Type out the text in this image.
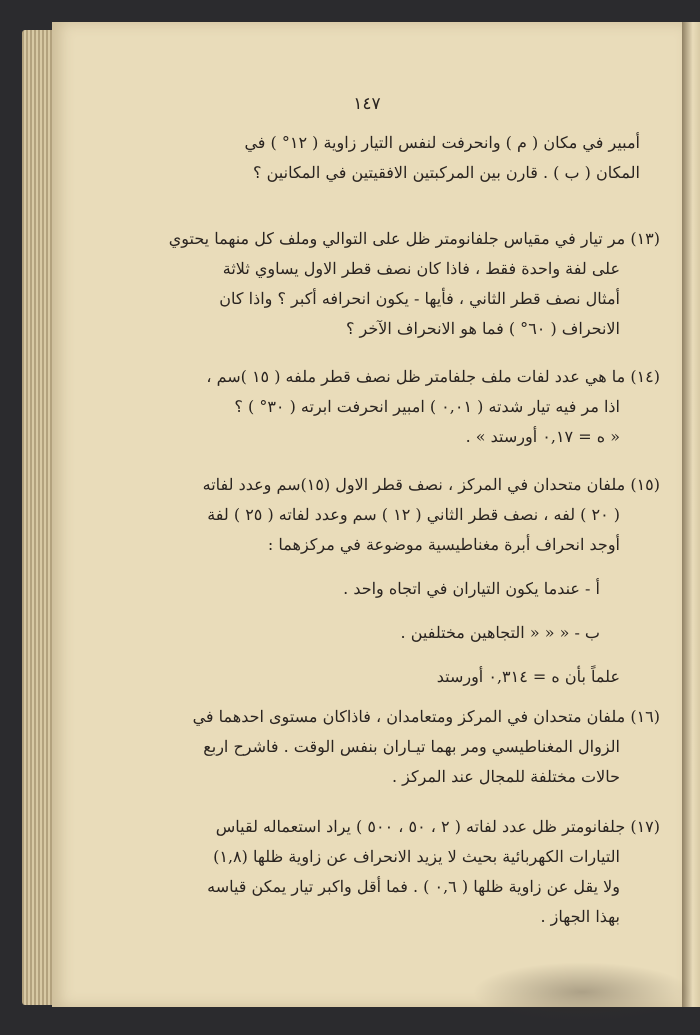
١٤٧
أمبير في مكان ( م ) وانحرفت لنفس التيار زاوية ( ١٢° ) في
المكان ( ب ) . قارن بين المركبتين الافقيتين في المكانين ؟
(١٣) مر تيار في مقياس جلفانومتر ظل على التوالي وملف كل منهما يحتوي
على لفة واحدة فقط ، فاذا كان نصف قطر الاول يساوي ثلاثة
أمثال نصف قطر الثاني ، فأيها - يكون انحرافه أكبر ؟ واذا كان
الانحراف ( ٦٠° ) فما هو الانحراف الآخر ؟
(١٤) ما هي عدد لفات ملف جلفامتر ظل نصف قطر ملفه ( ١٥ )سم ،
اذا مر فيه تيار شدته ( ٠,٠١ ) امبير انحرفت ابرته ( ٣٠° ) ؟
« ه = ٠,١٧ أورستد » .
(١٥) ملفان متحدان في المركز ، نصف قطر الاول (١٥)سم وعدد لفاته
( ٢٠ ) لفه ، نصف قطر الثاني ( ١٢ ) سم وعدد لفاته ( ٢٥ ) لفة
أوجد انحراف أبرة مغناطيسية موضوعة في مركزهما :
أ - عندما يكون التياران في اتجاه واحد .
ب - « « « التجاهين مختلفين .
علماً بأن ه = ٠,٣١٤ أورستد
(١٦) ملفان متحدان في المركز ومتعامدان ، فاذاكان مستوى احدهما في
الزوال المغناطيسي ومر بهما تيـاران بنفس الوقت . فاشرح اربع
حالات مختلفة للمجال عند المركز .
(١٧) جلفانومتر ظل عدد لفاته ( ٢ ، ٥٠ ، ٥٠٠ ) يراد استعماله لقياس
التيارات الكهربائية بحيث لا يزيد الانحراف عن زاوية ظلها (١,٨)
ولا يقل عن زاوية ظلها ( ٠,٦ ) . فما أقل واكبر تيار يمكن قياسه
بهذا الجهاز .
